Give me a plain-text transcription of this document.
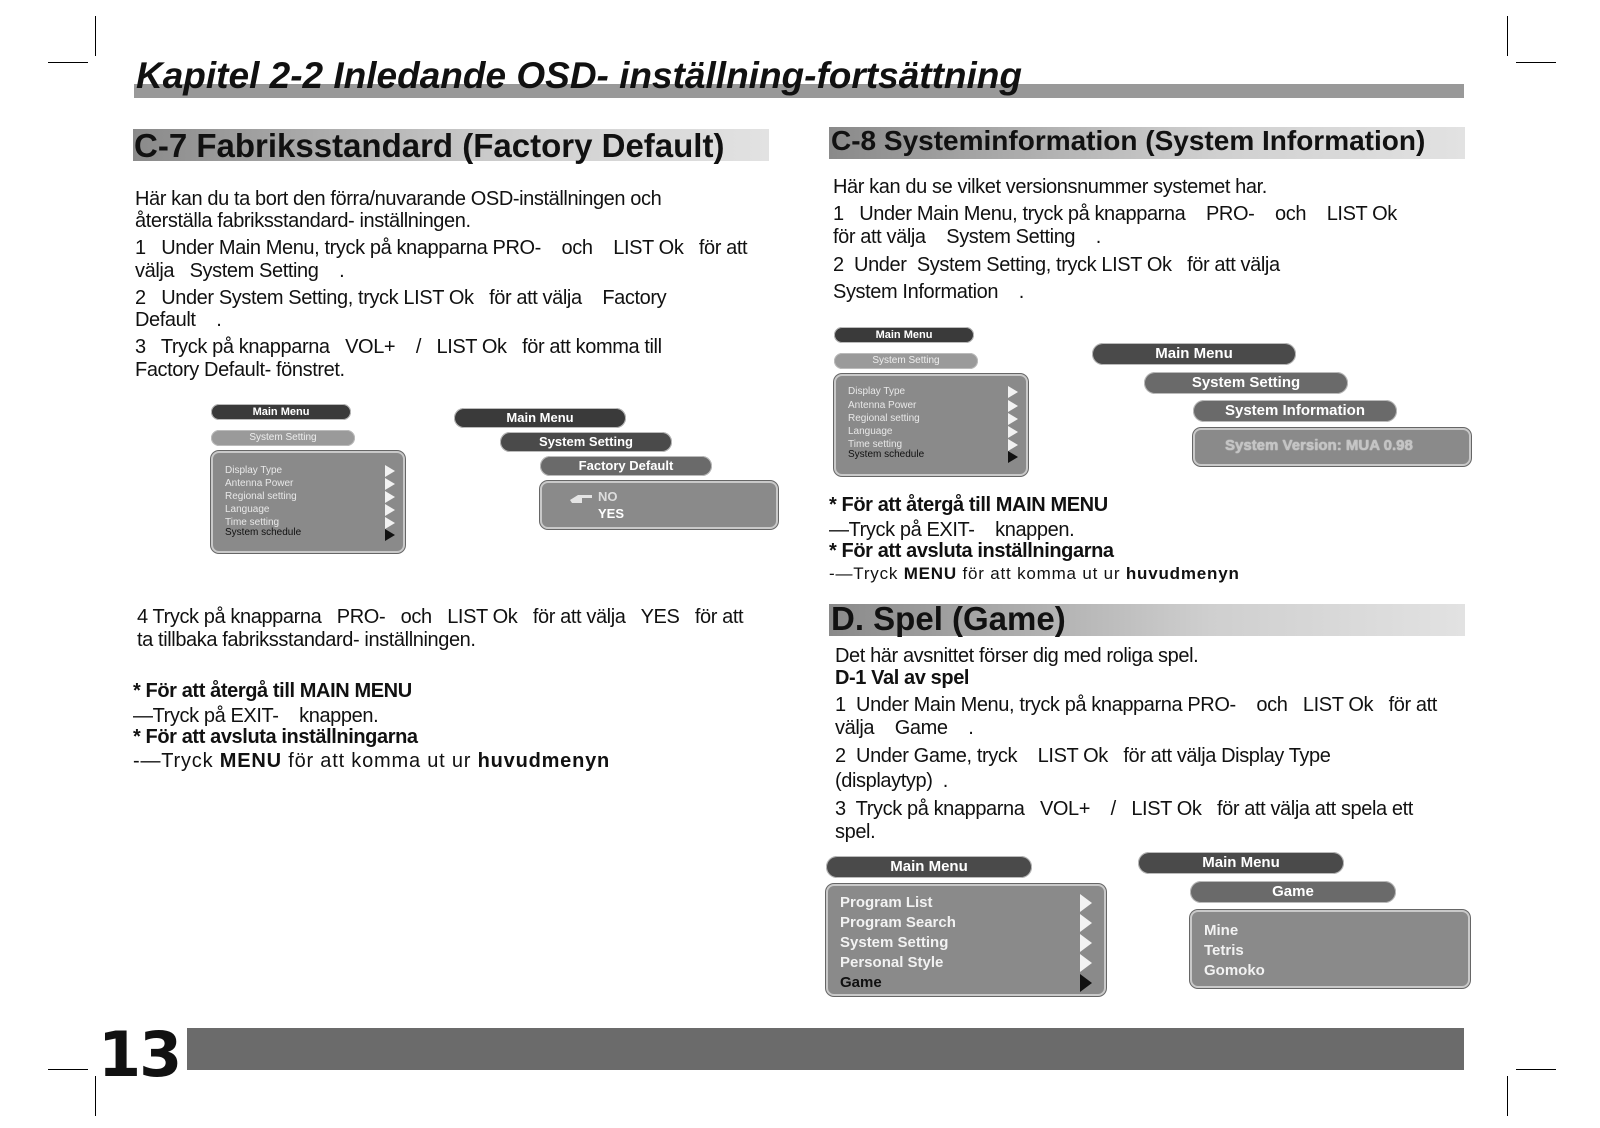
Kapitel 2-2 Inledande OSD- inställning-fortsättning
C-7 Fabriksstandard (Factory Default)
Här kan du ta bort den förra/nuvarande OSD-inställningen och
återställa fabriksstandard- inställningen.
1   Under Main Menu, tryck på knapparna PRO-    och    LIST Ok   för att
välja   System Setting    .
2   Under System Setting, tryck LIST Ok   för att välja    Factory
Default    .
3   Tryck på knapparna   VOL+    /   LIST Ok   för att komma till
Factory Default- fönstret.
Main Menu
System Setting
Display Type
Antenna Power
Regional setting
Language
Time setting
System schedule
Main Menu
System Setting
Factory Default
NO
YES
4 Tryck på knapparna   PRO-   och   LIST Ok   för att välja   YES   för att
ta tillbaka fabriksstandard- inställningen.
* För att återgå till MAIN MENU
—Tryck på EXIT-    knappen.
* För att avsluta inställningarna
-—Tryck MENU för att komma ut ur huvudmenyn
C-8 Systeminformation (System Information)
Här kan du se vilket versionsnummer systemet har.
1   Under Main Menu, tryck på knapparna    PRO-    och    LIST Ok
för att välja    System Setting    .
2  Under  System Setting, tryck LIST Ok   för att välja
System Information    .
Main Menu
System Setting
Display Type
Antenna Power
Regional setting
Language
Time setting
System schedule
Main Menu
System Setting
System Information
System Version: MUA 0.98
* För att återgå till MAIN MENU
—Tryck på EXIT-    knappen.
* För att avsluta inställningarna
-—Tryck MENU för att komma ut ur huvudmenyn
D. Spel (Game)
Det här avsnittet förser dig med roliga spel.
D-1 Val av spel
1  Under Main Menu, tryck på knapparna PRO-    och   LIST Ok   för att
välja    Game    .
2  Under Game, tryck    LIST Ok   för att välja Display Type
(displaytyp)  .
3  Tryck på knapparna   VOL+    /   LIST Ok   för att välja att spela ett
spel.
Main Menu
Program List
Program Search
System Setting
Personal Style
Game
Main Menu
Game
Mine
Tetris
Gomoko
13
